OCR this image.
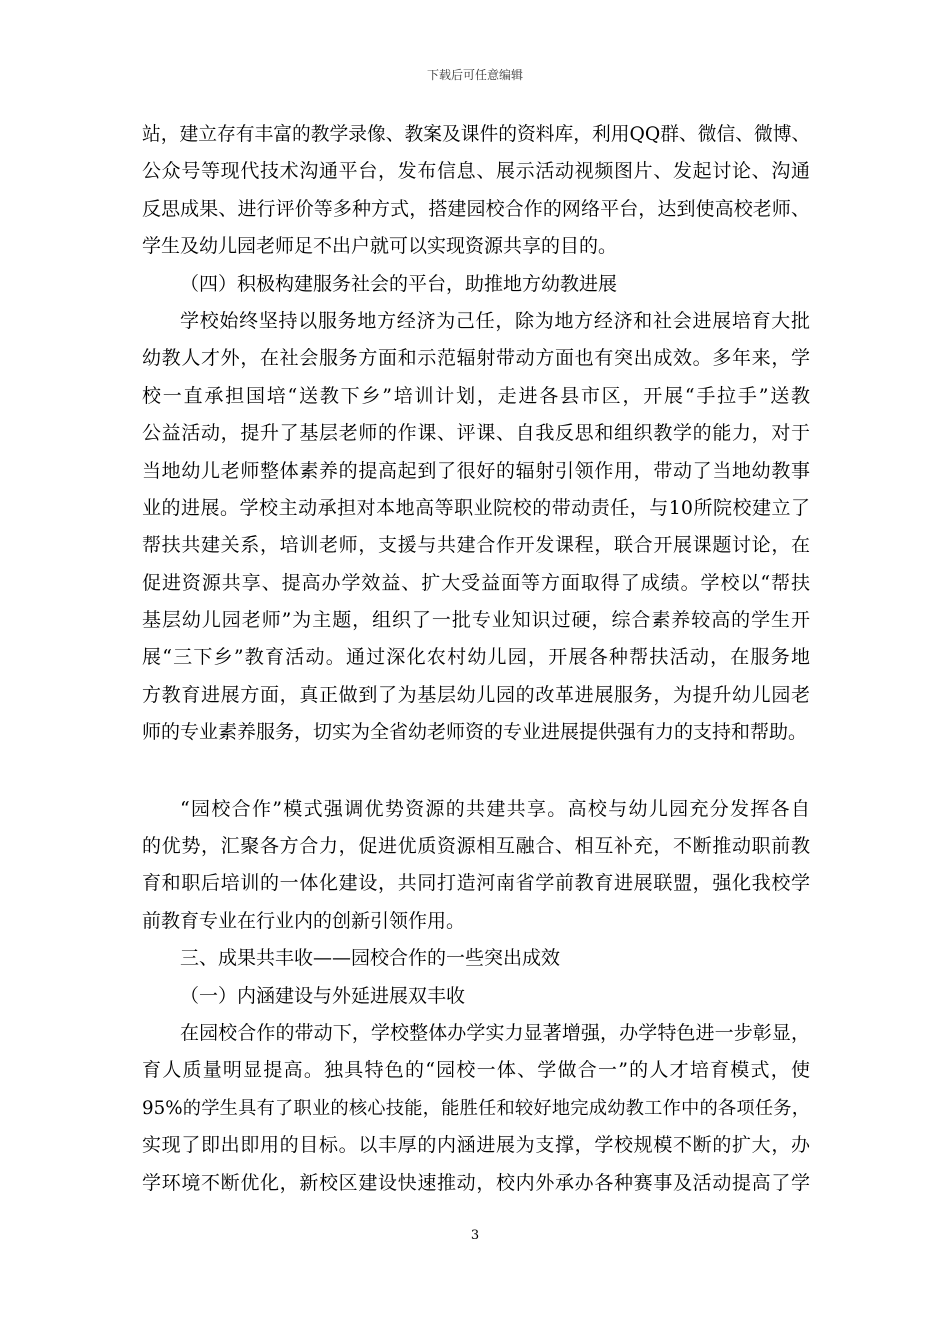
下载后可任意编辑
站，建立存有丰富的教学录像、教案及课件的资料库，利用QQ群、微信、微博、
公众号等现代技术沟通平台，发布信息、展示活动视频图片、发起讨论、沟通
反思成果、进行评价等多种方式，搭建园校合作的网络平台，达到使高校老师、
学生及幼儿园老师足不出户就可以实现资源共享的目的。
（四）积极构建服务社会的平台，助推地方幼教进展
学校始终坚持以服务地方经济为己任，除为地方经济和社会进展培育大批
幼教人才外，在社会服务方面和示范辐射带动方面也有突出成效。多年来，学
校一直承担国培“送教下乡”培训计划，走进各县市区，开展“手拉手”送教
公益活动，提升了基层老师的作课、评课、自我反思和组织教学的能力，对于
当地幼儿老师整体素养的提高起到了很好的辐射引领作用，带动了当地幼教事
业的进展。学校主动承担对本地高等职业院校的带动责任，与10所院校建立了
帮扶共建关系，培训老师，支援与共建合作开发课程，联合开展课题讨论，在
促进资源共享、提高办学效益、扩大受益面等方面取得了成绩。学校以“帮扶
基层幼儿园老师”为主题，组织了一批专业知识过硬，综合素养较高的学生开
展“三下乡”教育活动。通过深化农村幼儿园，开展各种帮扶活动，在服务地
方教育进展方面，真正做到了为基层幼儿园的改革进展服务，为提升幼儿园老
师的专业素养服务，切实为全省幼老师资的专业进展提供强有力的支持和帮助。
“园校合作”模式强调优势资源的共建共享。高校与幼儿园充分发挥各自
的优势，汇聚各方合力，促进优质资源相互融合、相互补充，不断推动职前教
育和职后培训的一体化建设，共同打造河南省学前教育进展联盟，强化我校学
前教育专业在行业内的创新引领作用。
三、成果共丰收——园校合作的一些突出成效
（一）内涵建设与外延进展双丰收
在园校合作的带动下，学校整体办学实力显著增强，办学特色进一步彰显，
育人质量明显提高。独具特色的“园校一体、学做合一”的人才培育模式，使
95%的学生具有了职业的核心技能，能胜任和较好地完成幼教工作中的各项任务，
实现了即出即用的目标。以丰厚的内涵进展为支撑，学校规模不断的扩大，办
学环境不断优化，新校区建设快速推动，校内外承办各种赛事及活动提高了学
3
